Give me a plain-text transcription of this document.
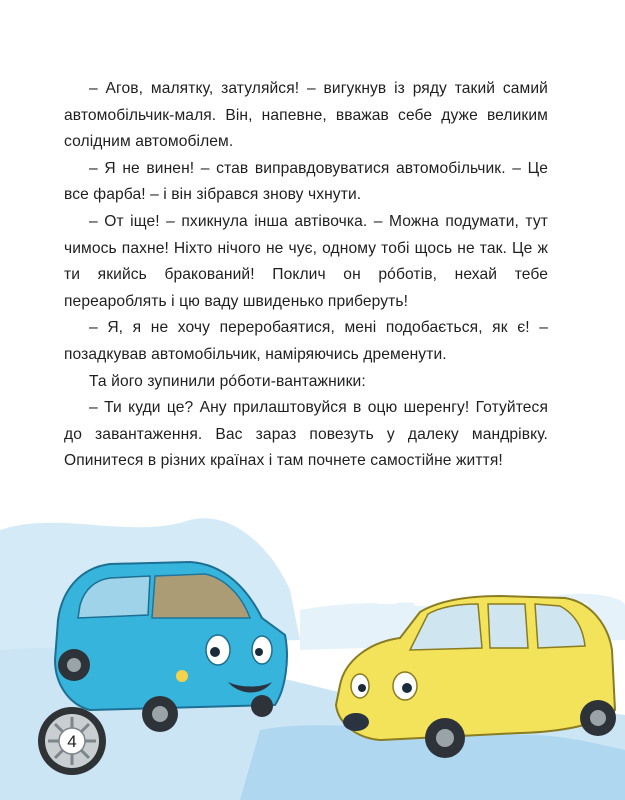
– Агов, малятку, затуляйся! – вигукнув із ряду такий самий автомобільчик-маля. Він, напевне, вважав себе дуже великим солідним автомобілем.

– Я не винен! – став виправдовуватися автомобільчик. – Це все фарба! – і він зібрався знову чхнути.

– От іще! – пхикнула інша автівочка. – Можна подумати, тут чимось пахне! Ніхто нічого не чує, одному тобі щось не так. Це ж ти якийсь бракований! Поклич он рóботів, нехай тебе переароблять і цю ваду швиденько приберуть!

– Я, я не хочу переробаятися, мені подобається, як є! – позадкував автомобільчик, наміряючись дременути.

Та його зупинили рóботи-вантажники:

– Ти куди це? Ану прилаштовуйся в оцю шеренгу! Готуйтеся до завантаження. Вас зараз повезуть у далеку мандрівку. Опинитеся в різних країнах і там почнете самостійне життя!

4
